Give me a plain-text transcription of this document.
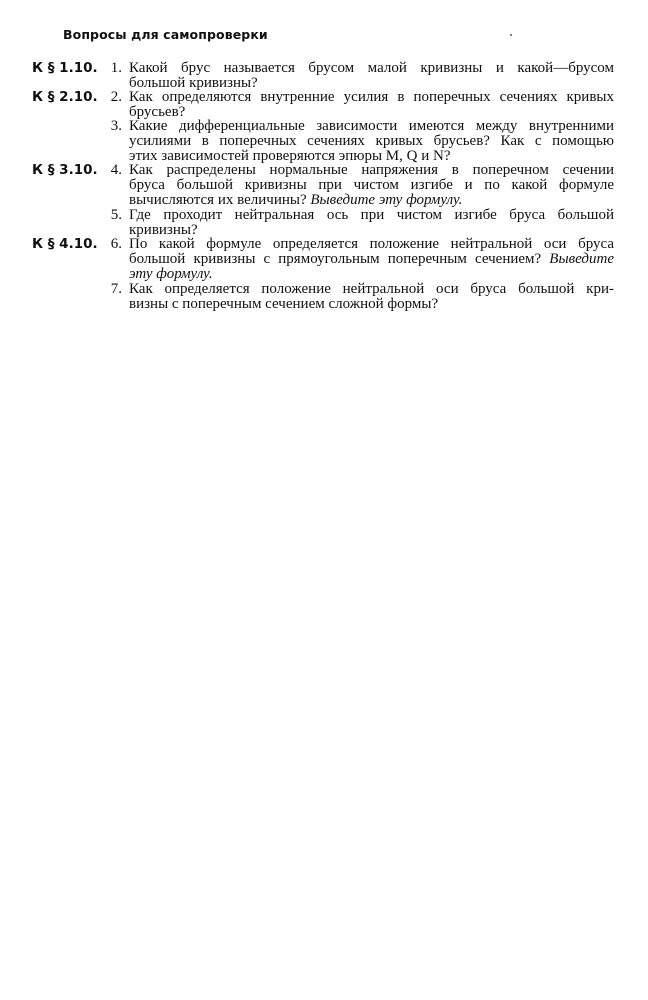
Вопросы для самопроверки
К § 1.10. 1. Какой брус называется брусом малой кривизны и какой—брусом
большой кривизны?
К § 2.10. 2. Как определяются внутренние усилия в поперечных сечениях кривых
брусьев?
3. Какие дифференциальные зависимости имеются между внутренними
усилиями в поперечных сечениях кривых брусьев? Как с помощью
этих зависимостей проверяются эпюры M, Q и N?
К § 3.10. 4. Как распределены нормальные напряжения в поперечном сечении
бруса большой кривизны при чистом изгибе и по какой формуле
вычисляются их величины? Выведите эту формулу.
5. Где проходит нейтральная ось при чистом изгибе бруса большой
кривизны?
К § 4.10. 6. По какой формуле определяется положение нейтральной оси бруса
большой кривизны с прямоугольным поперечным сечением? Выведите
эту формулу.
7. Как определяется положение нейтральной оси бруса большой кри-
визны с поперечным сечением сложной формы?
